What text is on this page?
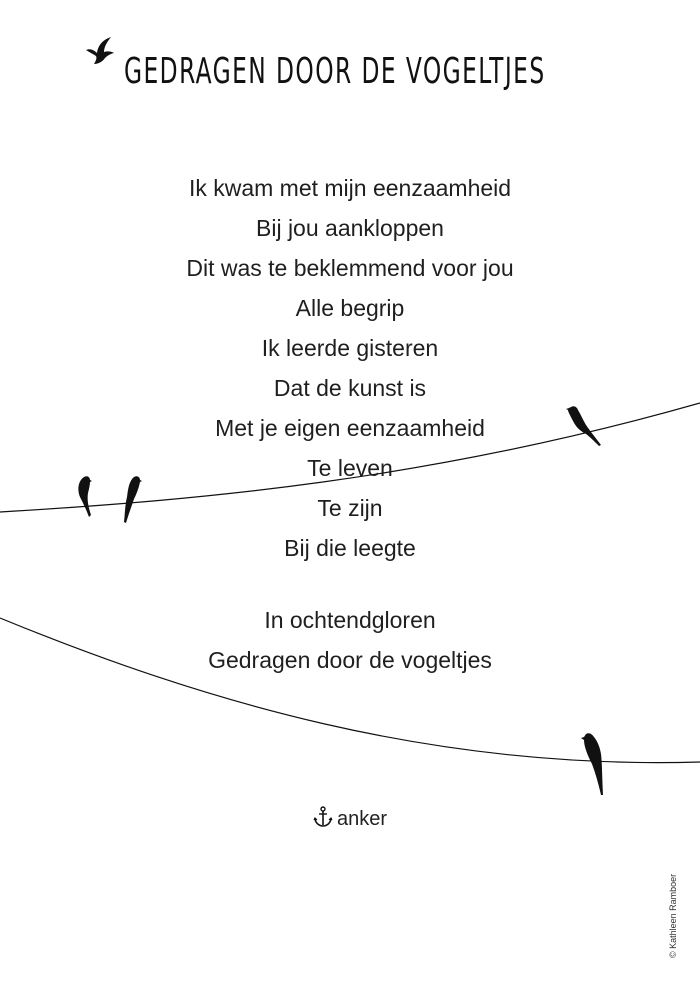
GEDRAGEN DOOR DE VOGELTJES
Ik kwam met mijn eenzaamheid
Bij jou aankloppen
Dit was te beklemmend voor jou
Alle begrip
Ik leerde gisteren
Dat de kunst is
Met je eigen eenzaamheid
Te leven
Te zijn
Bij die leegte
In ochtendgloren
Gedragen door de vogeltjes
anker
© Kathleen Ramboer
